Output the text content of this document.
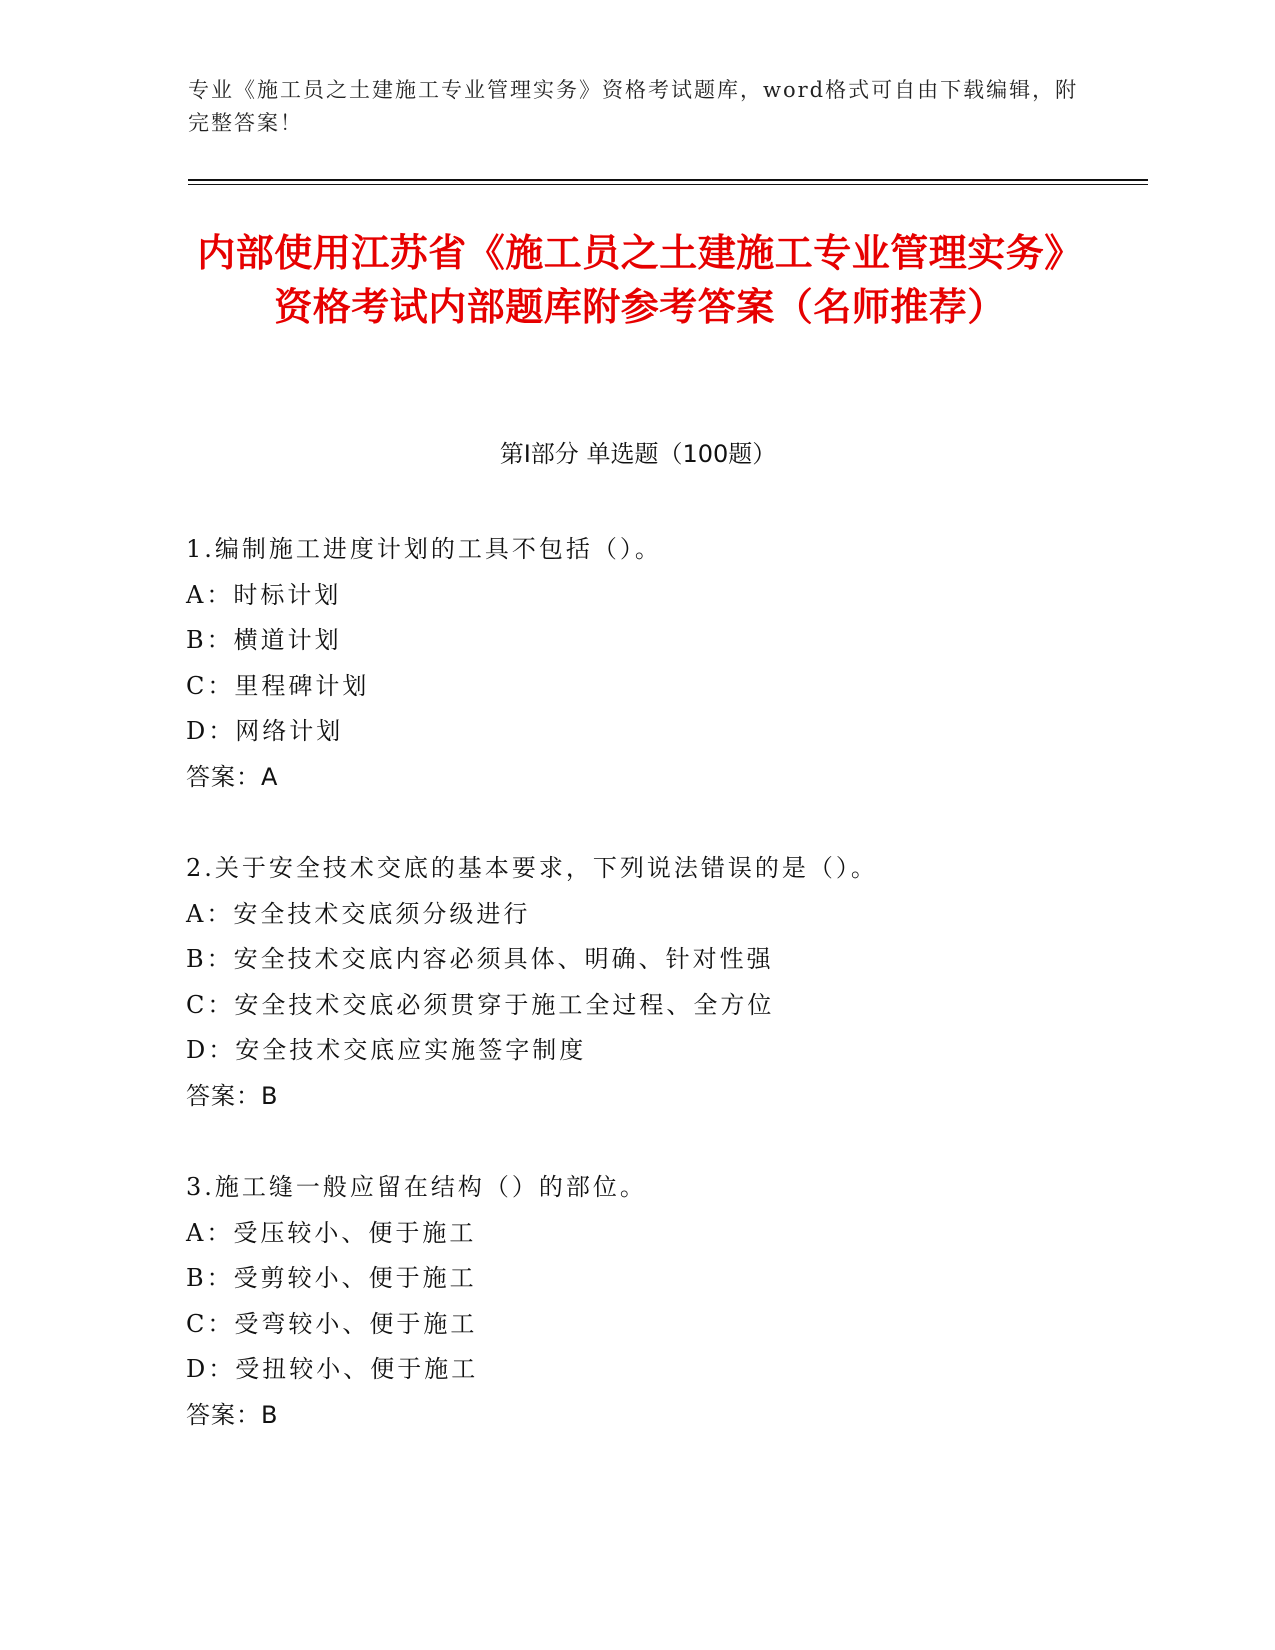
专业《施工员之土建施工专业管理实务》资格考试题库，word格式可自由下载编辑，附完整答案！
内部使用江苏省《施工员之土建施工专业管理实务》资格考试内部题库附参考答案（名师推荐）
第I部分 单选题（100题）
1.编制施工进度计划的工具不包括（）。
A：时标计划
B：横道计划
C：里程碑计划
D：网络计划
答案：A
2.关于安全技术交底的基本要求，下列说法错误的是（）。
A：安全技术交底须分级进行
B：安全技术交底内容必须具体、明确、针对性强
C：安全技术交底必须贯穿于施工全过程、全方位
D：安全技术交底应实施签字制度
答案：B
3.施工缝一般应留在结构（）的部位。
A：受压较小、便于施工
B：受剪较小、便于施工
C：受弯较小、便于施工
D：受扭较小、便于施工
答案：B
